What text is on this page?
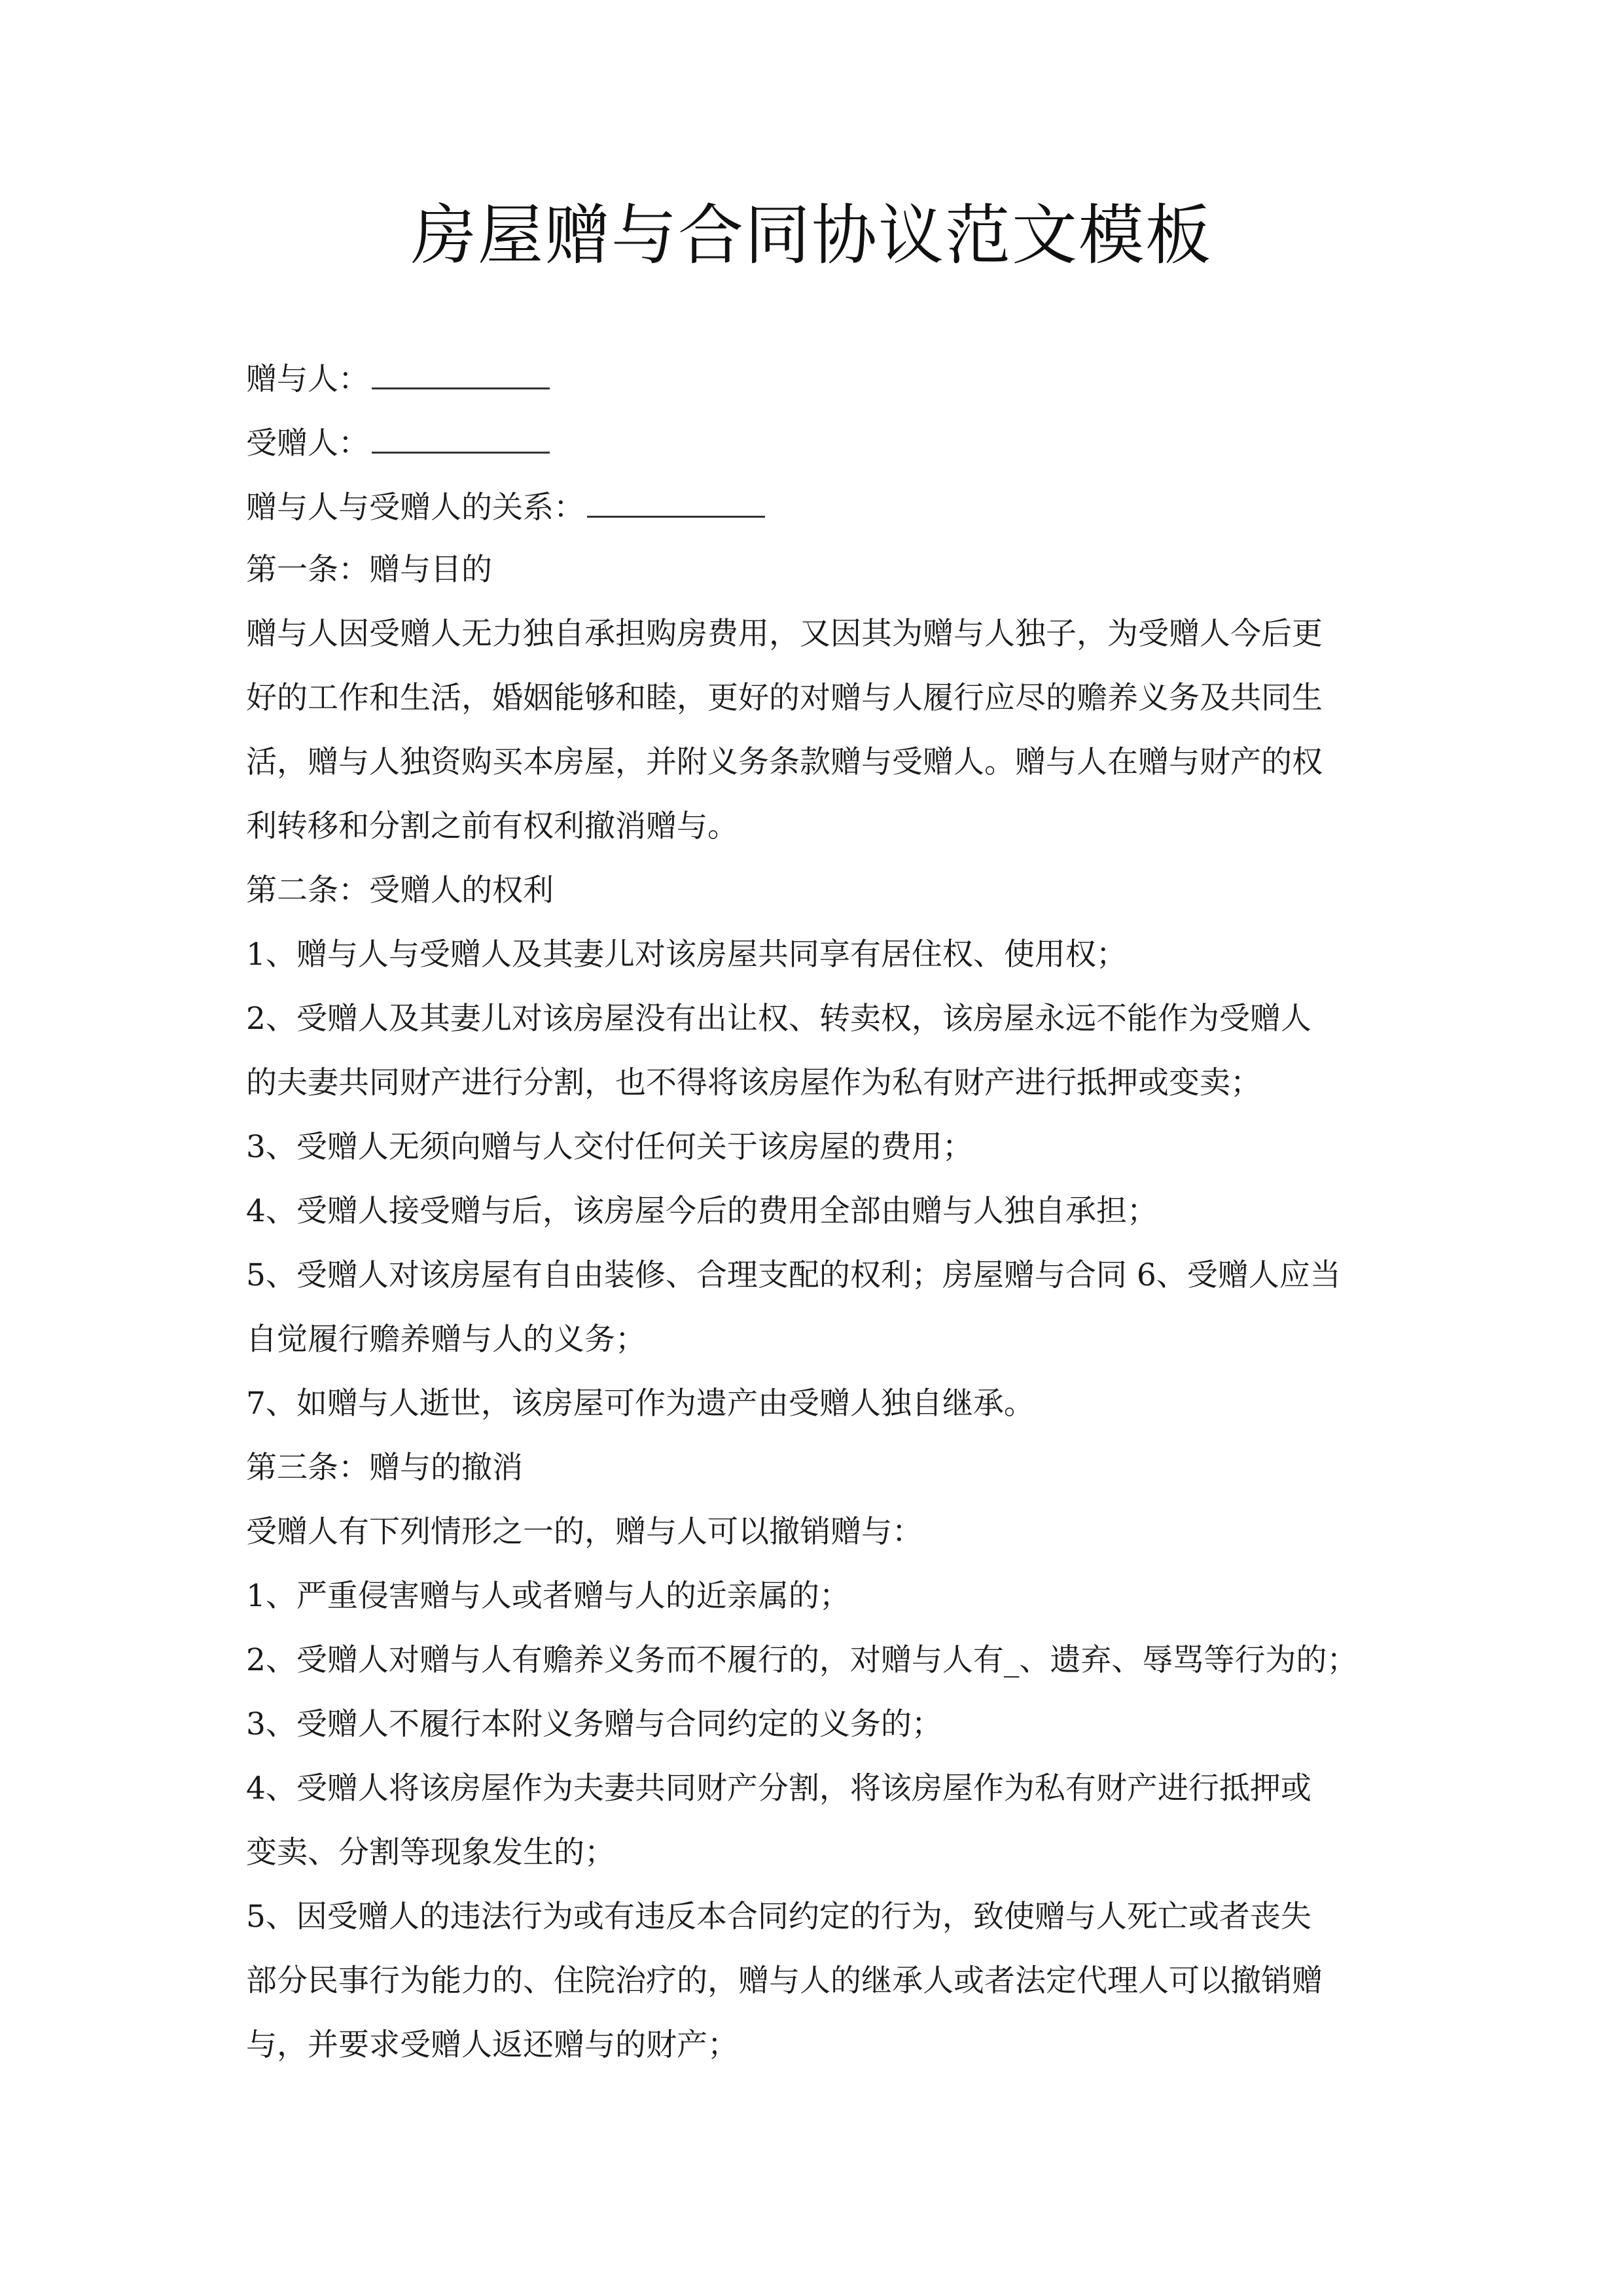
房屋赠与合同协议范文模板
赠与人：
受赠人：
赠与人与受赠人的关系：
第一条：赠与目的
赠与人因受赠人无力独自承担购房费用，又因其为赠与人独子，为受赠人今后更
好的工作和生活，婚姻能够和睦，更好的对赠与人履行应尽的赡养义务及共同生
活，赠与人独资购买本房屋，并附义务条款赠与受赠人。赠与人在赠与财产的权
利转移和分割之前有权利撤消赠与。
第二条：受赠人的权利
1、赠与人与受赠人及其妻儿对该房屋共同享有居住权、使用权；
2、受赠人及其妻儿对该房屋没有出让权、转卖权，该房屋永远不能作为受赠人
的夫妻共同财产进行分割，也不得将该房屋作为私有财产进行抵押或变卖；
3、受赠人无须向赠与人交付任何关于该房屋的费用；
4、受赠人接受赠与后，该房屋今后的费用全部由赠与人独自承担；
5、受赠人对该房屋有自由装修、合理支配的权利；房屋赠与合同 6、受赠人应当
自觉履行赡养赠与人的义务；
7、如赠与人逝世，该房屋可作为遗产由受赠人独自继承。
第三条：赠与的撤消
受赠人有下列情形之一的，赠与人可以撤销赠与：
1、严重侵害赠与人或者赠与人的近亲属的；
2、受赠人对赠与人有赡养义务而不履行的，对赠与人有_、遗弃、辱骂等行为的；
3、受赠人不履行本附义务赠与合同约定的义务的；
4、受赠人将该房屋作为夫妻共同财产分割，将该房屋作为私有财产进行抵押或
变卖、分割等现象发生的；
5、因受赠人的违法行为或有违反本合同约定的行为，致使赠与人死亡或者丧失
部分民事行为能力的、住院治疗的，赠与人的继承人或者法定代理人可以撤销赠
与，并要求受赠人返还赠与的财产；
